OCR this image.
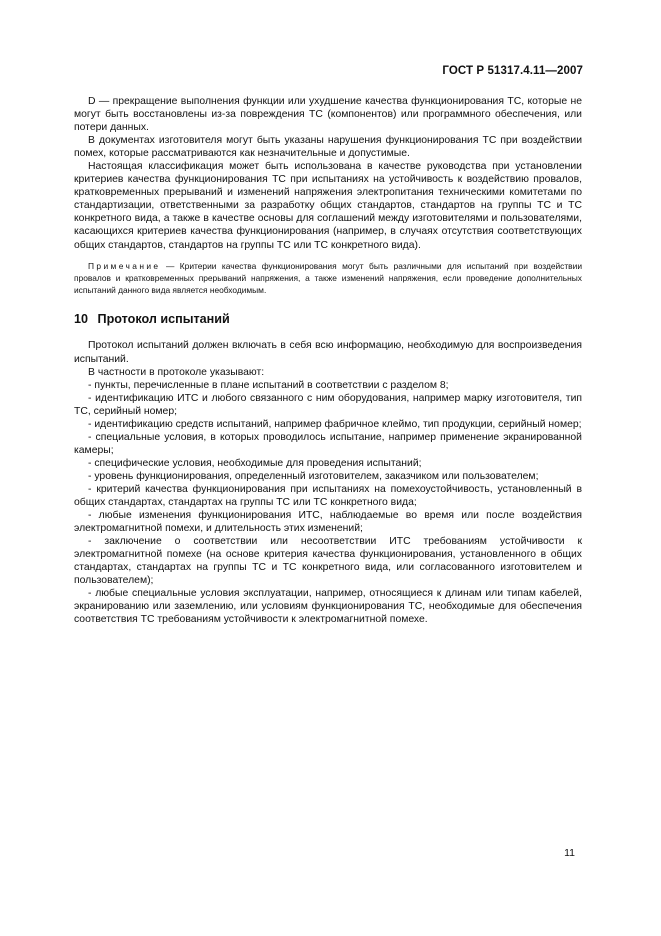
ГОСТ Р 51317.4.11—2007

D — прекращение выполнения функции или ухудшение качества функционирования ТС, которые не могут быть восстановлены из-за повреждения ТС (компонентов) или программного обеспечения, или потери данных.

В документах изготовителя могут быть указаны нарушения функционирования ТС при воздействии помех, которые рассматриваются как незначительные и допустимые.

Настоящая классификация может быть использована в качестве руководства при установлении критериев качества функционирования ТС при испытаниях на устойчивость к воздействию провалов, кратковременных прерываний и изменений напряжения электропитания техническими комитетами по стандартизации, ответственными за разработку общих стандартов, стандартов на группы ТС и ТС конкретного вида, а также в качестве основы для соглашений между изготовителями и пользователями, касающихся критериев качества функционирования (например, в случаях отсутствия соответствующих общих стандартов, стандартов на группы ТС или ТС конкретного вида).

Примечание — Критерии качества функционирования могут быть различными для испытаний при воздействии провалов и кратковременных прерываний напряжения, а также изменений напряжения, если проведение дополнительных испытаний данного вида является необходимым.
10 Протокол испытаний

Протокол испытаний должен включать в себя всю информацию, необходимую для воспроизведения испытаний.

В частности в протоколе указывают:

- пункты, перечисленные в плане испытаний в соответствии с разделом 8;

- идентификацию ИТС и любого связанного с ним оборудования, например марку изготовителя, тип ТС, серийный номер;

- идентификацию средств испытаний, например фабричное клеймо, тип продукции, серийный номер;

- специальные условия, в которых проводилось испытание, например применение экранированной камеры;

- специфические условия, необходимые для проведения испытаний;

- уровень функционирования, определенный изготовителем, заказчиком или пользователем;

- критерий качества функционирования при испытаниях на помехоустойчивость, установленный в общих стандартах, стандартах на группы ТС или ТС конкретного вида;

- любые изменения функционирования ИТС, наблюдаемые во время или после воздействия электромагнитной помехи, и длительность этих изменений;

- заключение о соответствии или несоответствии ИТС требованиям устойчивости к электромагнитной помехе (на основе критерия качества функционирования, установленного в общих стандартах, стандартах на группы ТС и ТС конкретного вида, или согласованного изготовителем и пользователем);

- любые специальные условия эксплуатации, например, относящиеся к длинам или типам кабелей, экранированию или заземлению, или условиям функционирования ТС, необходимые для обеспечения соответствия ТС требованиям устойчивости к электромагнитной помехе.

11
